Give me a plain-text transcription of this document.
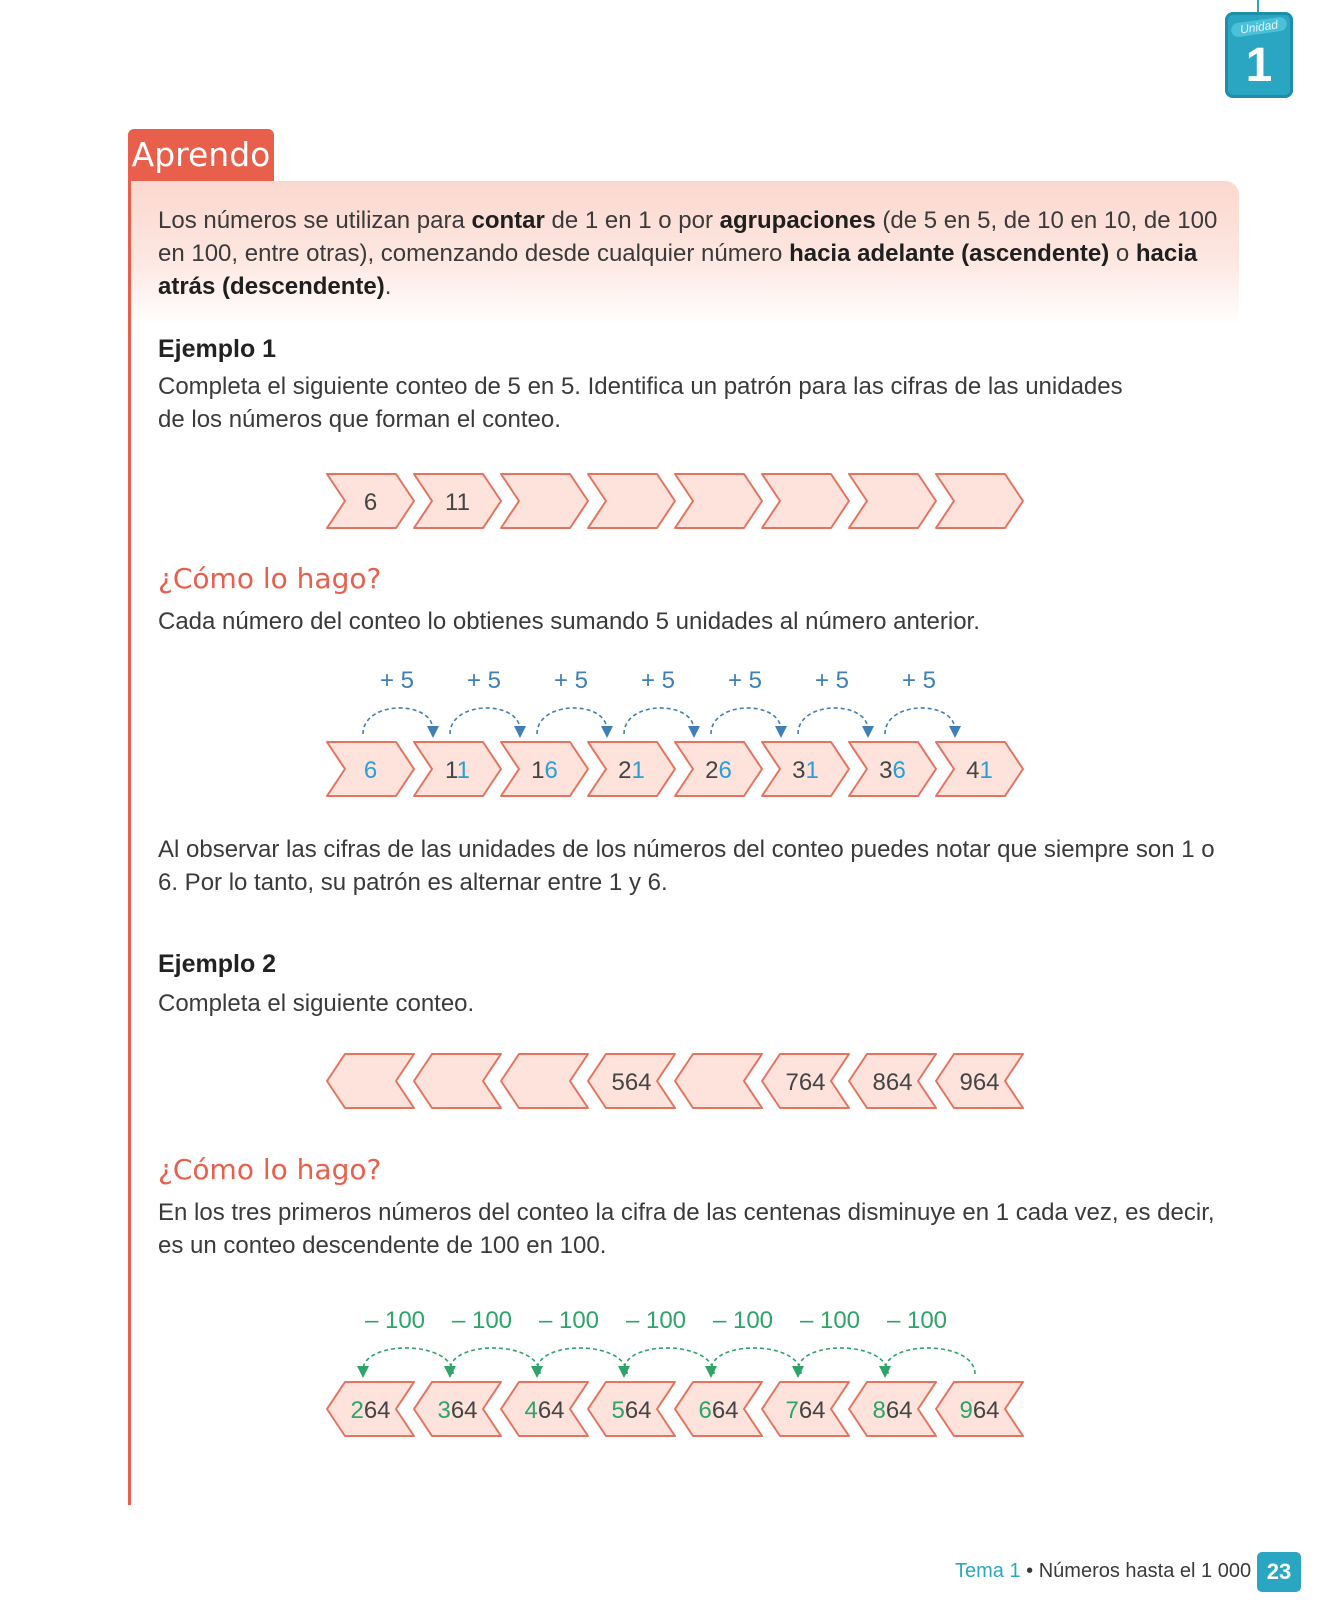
Unidad
1
Aprendo
Los números se utilizan para contar de 1 en 1 o por agrupaciones (de 5 en 5, de 10 en 10, de 100 en 100, entre otras), comenzando desde cualquier número hacia adelante (ascendente) o hacia atrás (descendente).
Ejemplo 1
Completa el siguiente conteo de 5 en 5. Identifica un patrón para las cifras de las unidades de los números que forman el conteo.
6	11
¿Cómo lo hago?
Cada número del conteo lo obtienes sumando 5 unidades al número anterior.
+ 5 + 5 + 5 + 5 + 5 + 5 + 5
6	11	16	21	26	31	36	41
Al observar las cifras de las unidades de los números del conteo puedes notar que siempre son 1 o 6. Por lo tanto, su patrón es alternar entre 1 y 6.
Ejemplo 2
Completa el siguiente conteo.
564	764 864 964
¿Cómo lo hago?
En los tres primeros números del conteo la cifra de las centenas disminuye en 1 cada vez, es decir, es un conteo descendente de 100 en 100.
– 100 – 100 – 100 – 100 – 100 – 100 – 100
264 364 464 564 664 764 864 964
Tema 1 • Números hasta el 1 000 23
